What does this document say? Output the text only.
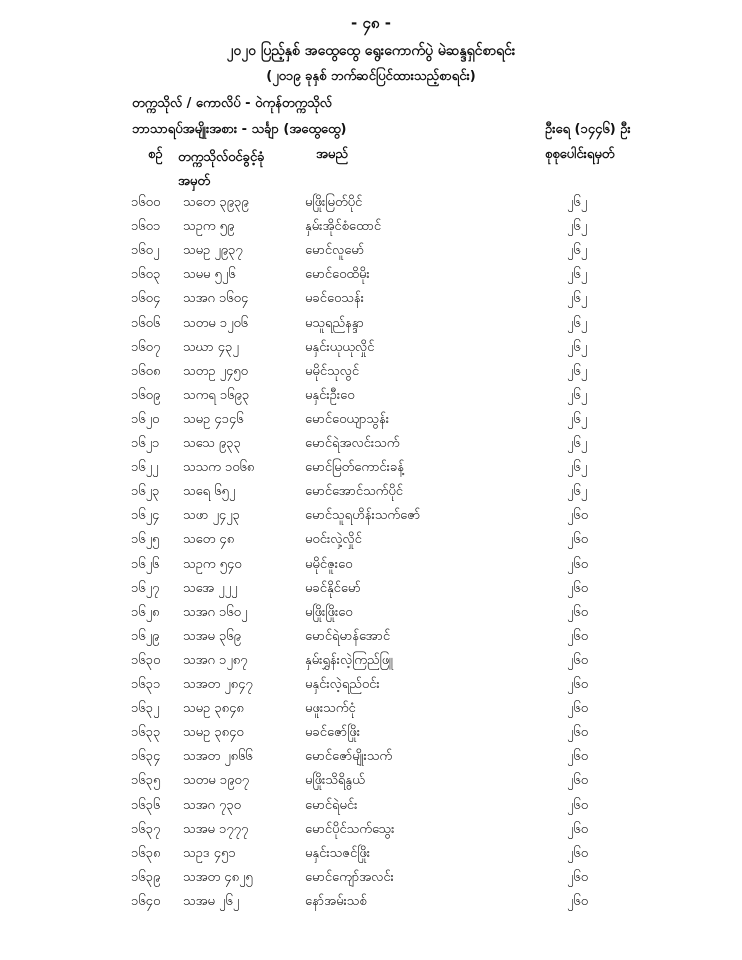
- ၄၈ -
၂၀၂၀ ပြည့်နှစ် အထွေထွေ ရွေးကောက်ပွဲ မဲဆန္ဒရှင်စာရင်း
(၂၀၁၉ ခုနှစ် ဘက်ဆင်ပြင်ထားသည့်စာရင်း)
တက္ကသိုလ် / ကောလိပ် - ဝဲကုန်တက္ကသိုလ်
ဘာသာရပ်အမျိုးအစား - သင်္ချာ (အထွေထွေ)	ဦးရေ (၁၄၄၆) ဦး
စဉ် တက္ကသိုလ်ဝင်ခွင့်ခုံအမှတ်
အမည်	စုစုပေါင်းရမှတ်
၁၆၀၀ သတေ ၃၉၃၉	မဖြိုးမြတ်ပိုင်	၂၆၂
၁၆၀၁ သဥက ၅၉	နှမ်းအိုင်စံထောင်	၂၆၂
၁၆၀၂ သမဥ ၂၉၃၇	မောင်လူမော်	၂၆၂
၁၆၀၃ သမမ ၅၂၆	မောင်ဝေထိမိုး	၂၆၂
၁၆၀၄ သအဂ ၁၆၀၄	မခင်ဝေသန်း	၂၆၂
၁၆၀၆ သတမ ၁၂၀၆	မသူရည်နန္ဒာ	၂၆၂
၁၆၀၇ သဃာ ၄၃၂	မနှင်းယုယုလှိုင်	၂၆၂
၁၆၀၈ သတဥ ၂၄၅၀	မမိုင်သုလွင်	၂၆၂
၁၆၀၉ သကရ ၁၆၉၃	မနှင်းဦးဝေ	၂၆၂
၁၆၂၀ သမဥ ၄၁၄၆	မောင်ဝေယျာသွန်း	၂၆၂
၁၆၂၁ သသေ ၉၃၃	မောင်ရဲအလင်းသက်	၂၆၂
၁၆၂၂ သသက ၁၀၆၈	မောင်မြတ်ကောင်းခန့်	၂၆၂
၁၆၂၃ သရေ ၆၅၂	မောင်အောင်သက်ပိုင်	၂၆၂
၁၆၂၄ သဖာ ၂၄၂၃	မောင်သူရဟိန်းသက်ဇော်	၂၆၀
၁၆၂၅ သတေ ၄၈	မဝင်းလှဲ့လှိုင်	၂၆၀
၁၆၂၆ သဥက ၅၄၀	မမိုင်ဇူးဝေ	၂၆၀
၁၆၂၇ သအေ ၂၂၂	မခင်နိုင်မော်	၂၆၀
၁၆၂၈ သအဂ ၁၆၀၂	မဖြိုးဖြိုးဝေ	၂၆၀
၁၆၂၉ သအမ ၃၆၉	မောင်ရဲမာန်အောင်	၂၆၀
၁၆၃၀ သအဂ ၁၂၈၇	နှမ်းရွှန်းလဲ့ကြည်ဖြူ	၂၆၀
၁၆၃၁ သအတ ၂၈၄၇	မနှင်းလဲ့ရည်ဝင်း	၂၆၀
၁၆၃၂ သမဥ ၃၈၄၈	မဖူးသက်ငုံ	၂၆၀
၁၆၃၃ သမဥ ၃၈၄၀	မခင်ဇော်ဖြိုး	၂၆၀
၁၆၃၄ သအတ ၂၈၆၆	မောင်ဇော်မျိုးသက်	၂၆၀
၁၆၃၅ သတမ ၁၉၀၇	မဖြိုးသိရိနွယ်	၂၆၀
၁၆၃၆ သအဂ ၇၃၀	မောင်ရဲမင်း	၂၆၀
၁၆၃၇ သအမ ၁၇၇၇	မောင်ပိုင်သက်သွေး	၂၆၀
၁၆၃၈ သဥဒ ၄၅၁	မနှင်းသဇင်ဖြိုး	၂၆၀
၁၆၃၉ သအတ ၄၈၂၅	မောင်ကျော်အလင်း	၂၆၀
၁၆၄၀ သအမ ၂၆၂	နော်အမ်းသစ်	၂၆၀
